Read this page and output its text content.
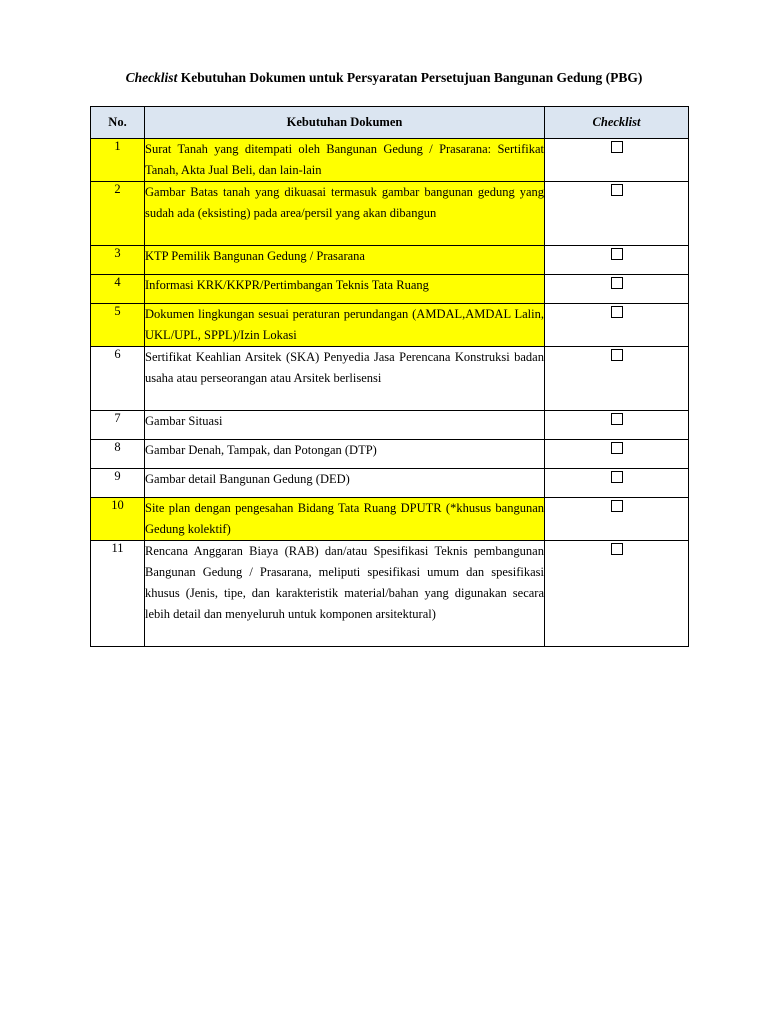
Checklist Kebutuhan Dokumen untuk Persyaratan Persetujuan Bangunan Gedung (PBG)
No.	Kebutuhan Dokumen	Checklist
1	Surat Tanah yang ditempati oleh Bangunan Gedung / Prasarana: Sertifikat Tanah, Akta Jual Beli, dan lain-lain	
2	Gambar Batas tanah yang dikuasai termasuk gambar bangunan gedung yang sudah ada (eksisting) pada area/persil yang akan dibangun	
3	KTP Pemilik Bangunan Gedung / Prasarana	
4	Informasi KRK/KKPR/Pertimbangan Teknis Tata Ruang	
5	Dokumen lingkungan sesuai peraturan perundangan (AMDAL,AMDAL Lalin, UKL/UPL, SPPL)/Izin Lokasi	
6	Sertifikat Keahlian Arsitek (SKA) Penyedia Jasa Perencana Konstruksi badan usaha atau perseorangan atau Arsitek berlisensi	
7	Gambar Situasi	
8	Gambar Denah, Tampak, dan Potongan (DTP)	
9	Gambar detail Bangunan Gedung (DED)	
10	Site plan dengan pengesahan Bidang Tata Ruang DPUTR (*khusus bangunan Gedung kolektif)	
11	Rencana Anggaran Biaya (RAB) dan/atau Spesifikasi Teknis pembangunan Bangunan Gedung / Prasarana, meliputi spesifikasi umum dan spesifikasi khusus (Jenis, tipe, dan karakteristik material/bahan yang digunakan secara lebih detail dan menyeluruh untuk komponen arsitektural)	
